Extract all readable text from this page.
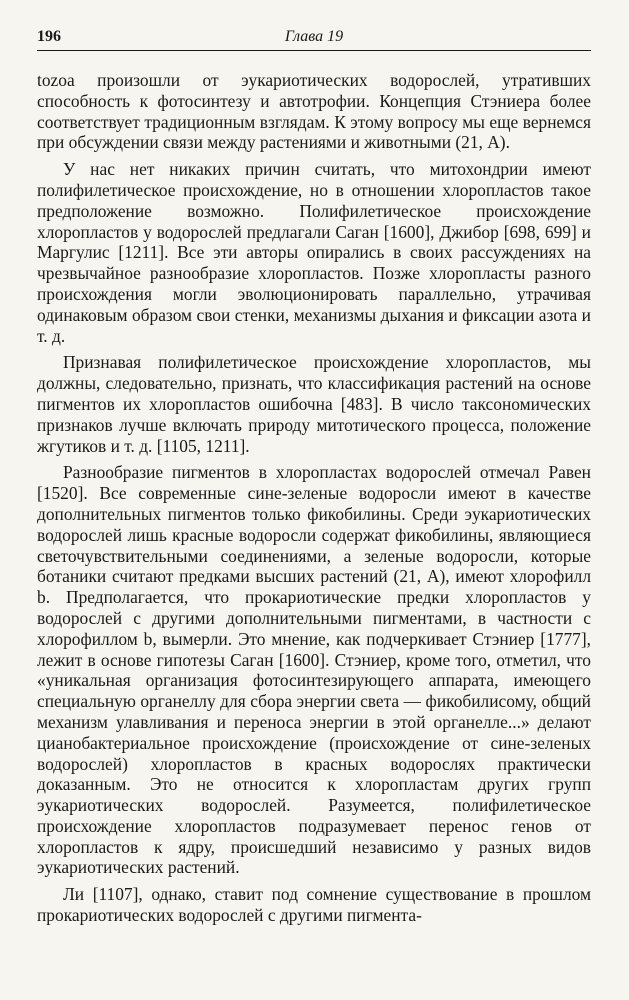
196	Глава 19

tozoa произошли от эукариотических водорослей, утративших способность к фотосинтезу и автотрофии. Концепция Стэниера более соответствует традиционным взглядам. К этому вопросу мы еще вернемся при обсуждении связи между растениями и животными (21, А).

У нас нет никаких причин считать, что митохондрии имеют полифилетическое происхождение, но в отношении хлоропластов такое предположение возможно. Полифилетическое происхождение хлоропластов у водорослей предлагали Саган [1600], Джибор [698, 699] и Маргулис [1211]. Все эти авторы опирались в своих рассуждениях на чрезвычайное разнообразие хлоропластов. Позже хлоропласты разного происхождения могли эволюционировать параллельно, утрачивая одинаковым образом свои стенки, механизмы дыхания и фиксации азота и т. д.

Признавая полифилетическое происхождение хлоропластов, мы должны, следовательно, признать, что классификация растений на основе пигментов их хлоропластов ошибочна [483]. В число таксономических признаков лучше включать природу митотического процесса, положение жгутиков и т. д. [1105, 1211].

Разнообразие пигментов в хлоропластах водорослей отмечал Равен [1520]. Все современные сине-зеленые водоросли имеют в качестве дополнительных пигментов только фикобилины. Среди эукариотических водорослей лишь красные водоросли содержат фикобилины, являющиеся светочувствительными соединениями, а зеленые водоросли, которые ботаники считают предками высших растений (21, А), имеют хлорофилл b. Предполагается, что прокариотические предки хлоропластов у водорослей с другими дополнительными пигментами, в частности с хлорофиллом b, вымерли. Это мнение, как подчеркивает Стэниер [1777], лежит в основе гипотезы Саган [1600]. Стэниер, кроме того, отметил, что «уникальная организация фотосинтезирующего аппарата, имеющего специальную органеллу для сбора энергии света — фикобилисому, общий механизм улавливания и переноса энергии в этой органелле...» делают цианобактериальное происхождение (происхождение от сине-зеленых водорослей) хлоропластов в красных водорослях практически доказанным. Это не относится к хлоропластам других групп эукариотических водорослей. Разумеется, полифилетическое происхождение хлоропластов подразумевает перенос генов от хлоропластов к ядру, происшедший независимо у разных видов эукариотических растений.

Ли [1107], однако, ставит под сомнение существование в прошлом прокариотических водорослей с другими пигмента-
